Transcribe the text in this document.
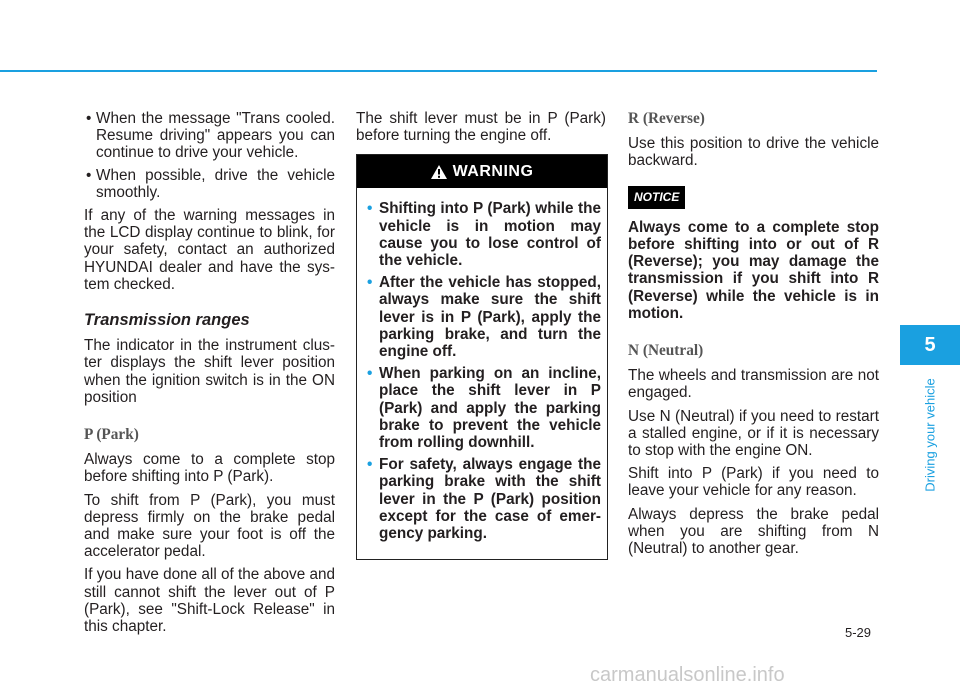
• When the message "Trans cooled. Resume driving" appears you can continue to drive your vehicle.
• When possible, drive the vehicle smoothly.

If any of the warning messages in the LCD display continue to blink, for your safety, contact an authorized HYUNDAI dealer and have the sys-tem checked.

Transmission ranges

The indicator in the instrument clus-ter displays the shift lever position when the ignition switch is in the ON position

P (Park)

Always come to a complete stop before shifting into P (Park).

To shift from P (Park), you must depress firmly on the brake pedal and make sure your foot is off the accelerator pedal.

If you have done all of the above and still cannot shift the lever out of P (Park), see "Shift-Lock Release" in this chapter.

The shift lever must be in P (Park) before turning the engine off.

WARNING
• Shifting into P (Park) while the vehicle is in motion may cause you to lose control of the vehicle.
• After the vehicle has stopped, always make sure the shift lever is in P (Park), apply the parking brake, and turn the engine off.
• When parking on an incline, place the shift lever in P (Park) and apply the parking brake to prevent the vehicle from rolling downhill.
• For safety, always engage the parking brake with the shift lever in the P (Park) position except for the case of emer-gency parking.
R (Reverse)

Use this position to drive the vehicle backward.

NOTICE

Always come to a complete stop before shifting into or out of R (Reverse); you may damage the transmission if you shift into R (Reverse) while the vehicle is in motion.

N (Neutral)

The wheels and transmission are not engaged.

Use N (Neutral) if you need to restart a stalled engine, or if it is necessary to stop with the engine ON.

Shift into P (Park) if you need to leave your vehicle for any reason.

Always depress the brake pedal when you are shifting from N (Neutral) to another gear.

5
Driving your vehicle
5-29
carmanualsonline.info
